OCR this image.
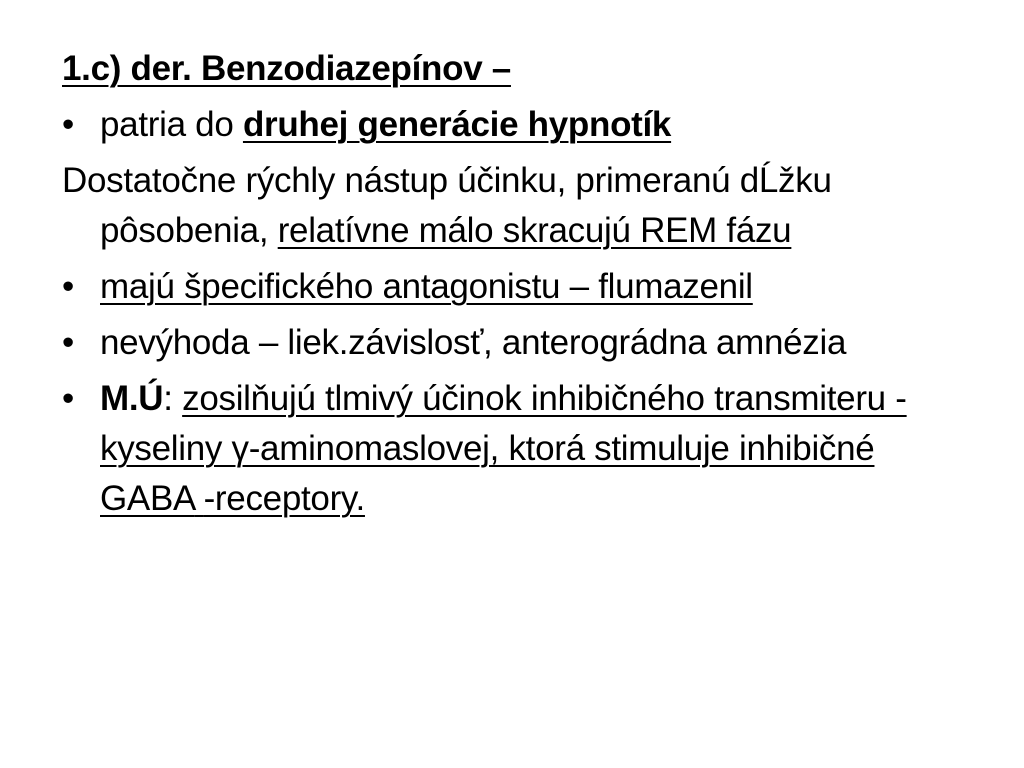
1.c) der. Benzodiazepínov –

• patria do druhej generácie hypnotík

Dostatočne rýchly nástup účinku, primeranú dĹžku pôsobenia, relatívne málo skracujú REM fázu

• majú špecifického antagonistu – flumazenil
• nevýhoda – liek.závislosť, anterográdna amnézia
• M.Ú: zosilňujú tlmivý účinok inhibičného transmiteru - kyseliny γ-aminomaslovej, ktorá stimuluje inhibičné GABA -receptory.
